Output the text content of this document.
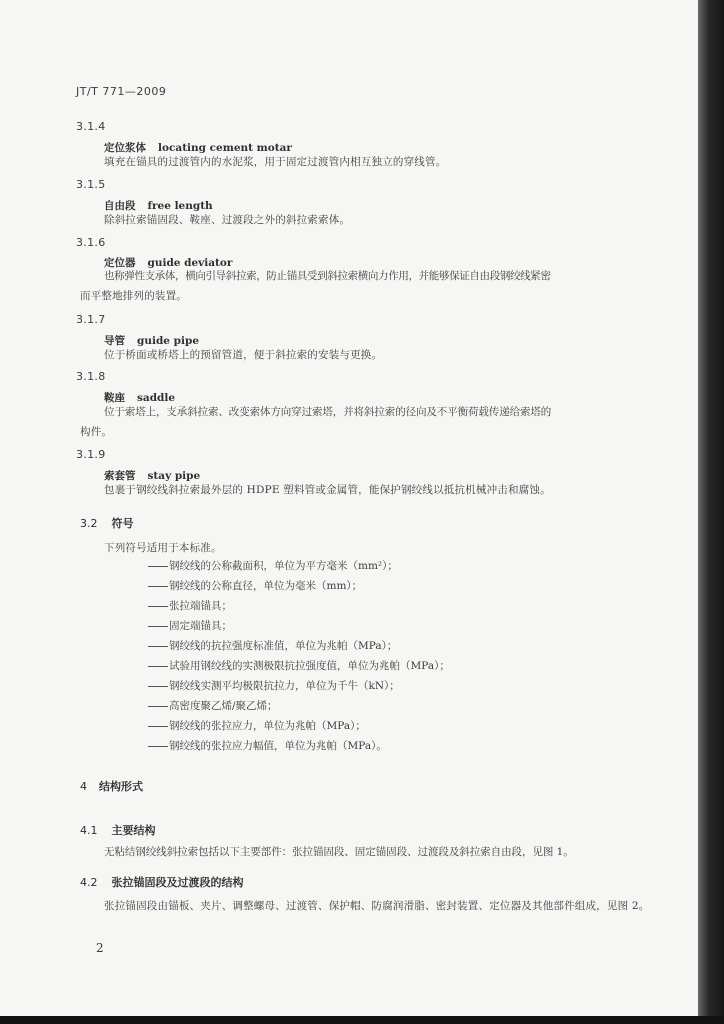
JT/T 771—2009
3.1.4
定位浆体 locating cement motar
填充在锚具的过渡管内的水泥浆，用于固定过渡管内相互独立的穿线管。
3.1.5
自由段 free length
除斜拉索锚固段、鞍座、过渡段之外的斜拉索索体。
3.1.6
定位器 guide deviator
也称弹性支承体，横向引导斜拉索，防止锚具受到斜拉索横向力作用，并能够保证自由段钢绞线紧密
而平整地排列的装置。
3.1.7
导管 guide pipe
位于桥面或桥塔上的预留管道，便于斜拉索的安装与更换。
3.1.8
鞍座 saddle
位于索塔上，支承斜拉索、改变索体方向穿过索塔，并将斜拉索的径向及不平衡荷载传递给索塔的
构件。
3.1.9
索套管 stay pipe
包裹于钢绞线斜拉索最外层的 HDPE 塑料管或金属管，能保护钢绞线以抵抗机械冲击和腐蚀。
3.2 符号
下列符号适用于本标准。
钢绞线的公称截面积，单位为平方毫米（mm²）；
钢绞线的公称直径，单位为毫米（mm）；
张拉端锚具；
固定端锚具；
钢绞线的抗拉强度标准值，单位为兆帕（MPa）；
试验用钢绞线的实测极限抗拉强度值，单位为兆帕（MPa）；
钢绞线实测平均极限抗拉力，单位为千牛（kN）；
高密度聚乙烯/聚乙烯；
钢绞线的张拉应力，单位为兆帕（MPa）；
钢绞线的张拉应力幅值，单位为兆帕（MPa）。
4 结构形式
4.1 主要结构
无粘结钢绞线斜拉索包括以下主要部件：张拉锚固段、固定锚固段、过渡段及斜拉索自由段，见图 1。
4.2 张拉锚固段及过渡段的结构
张拉锚固段由锚板、夹片、调整螺母、过渡管、保护帽、防腐润滑脂、密封装置、定位器及其他部件组成，见图 2。
2
